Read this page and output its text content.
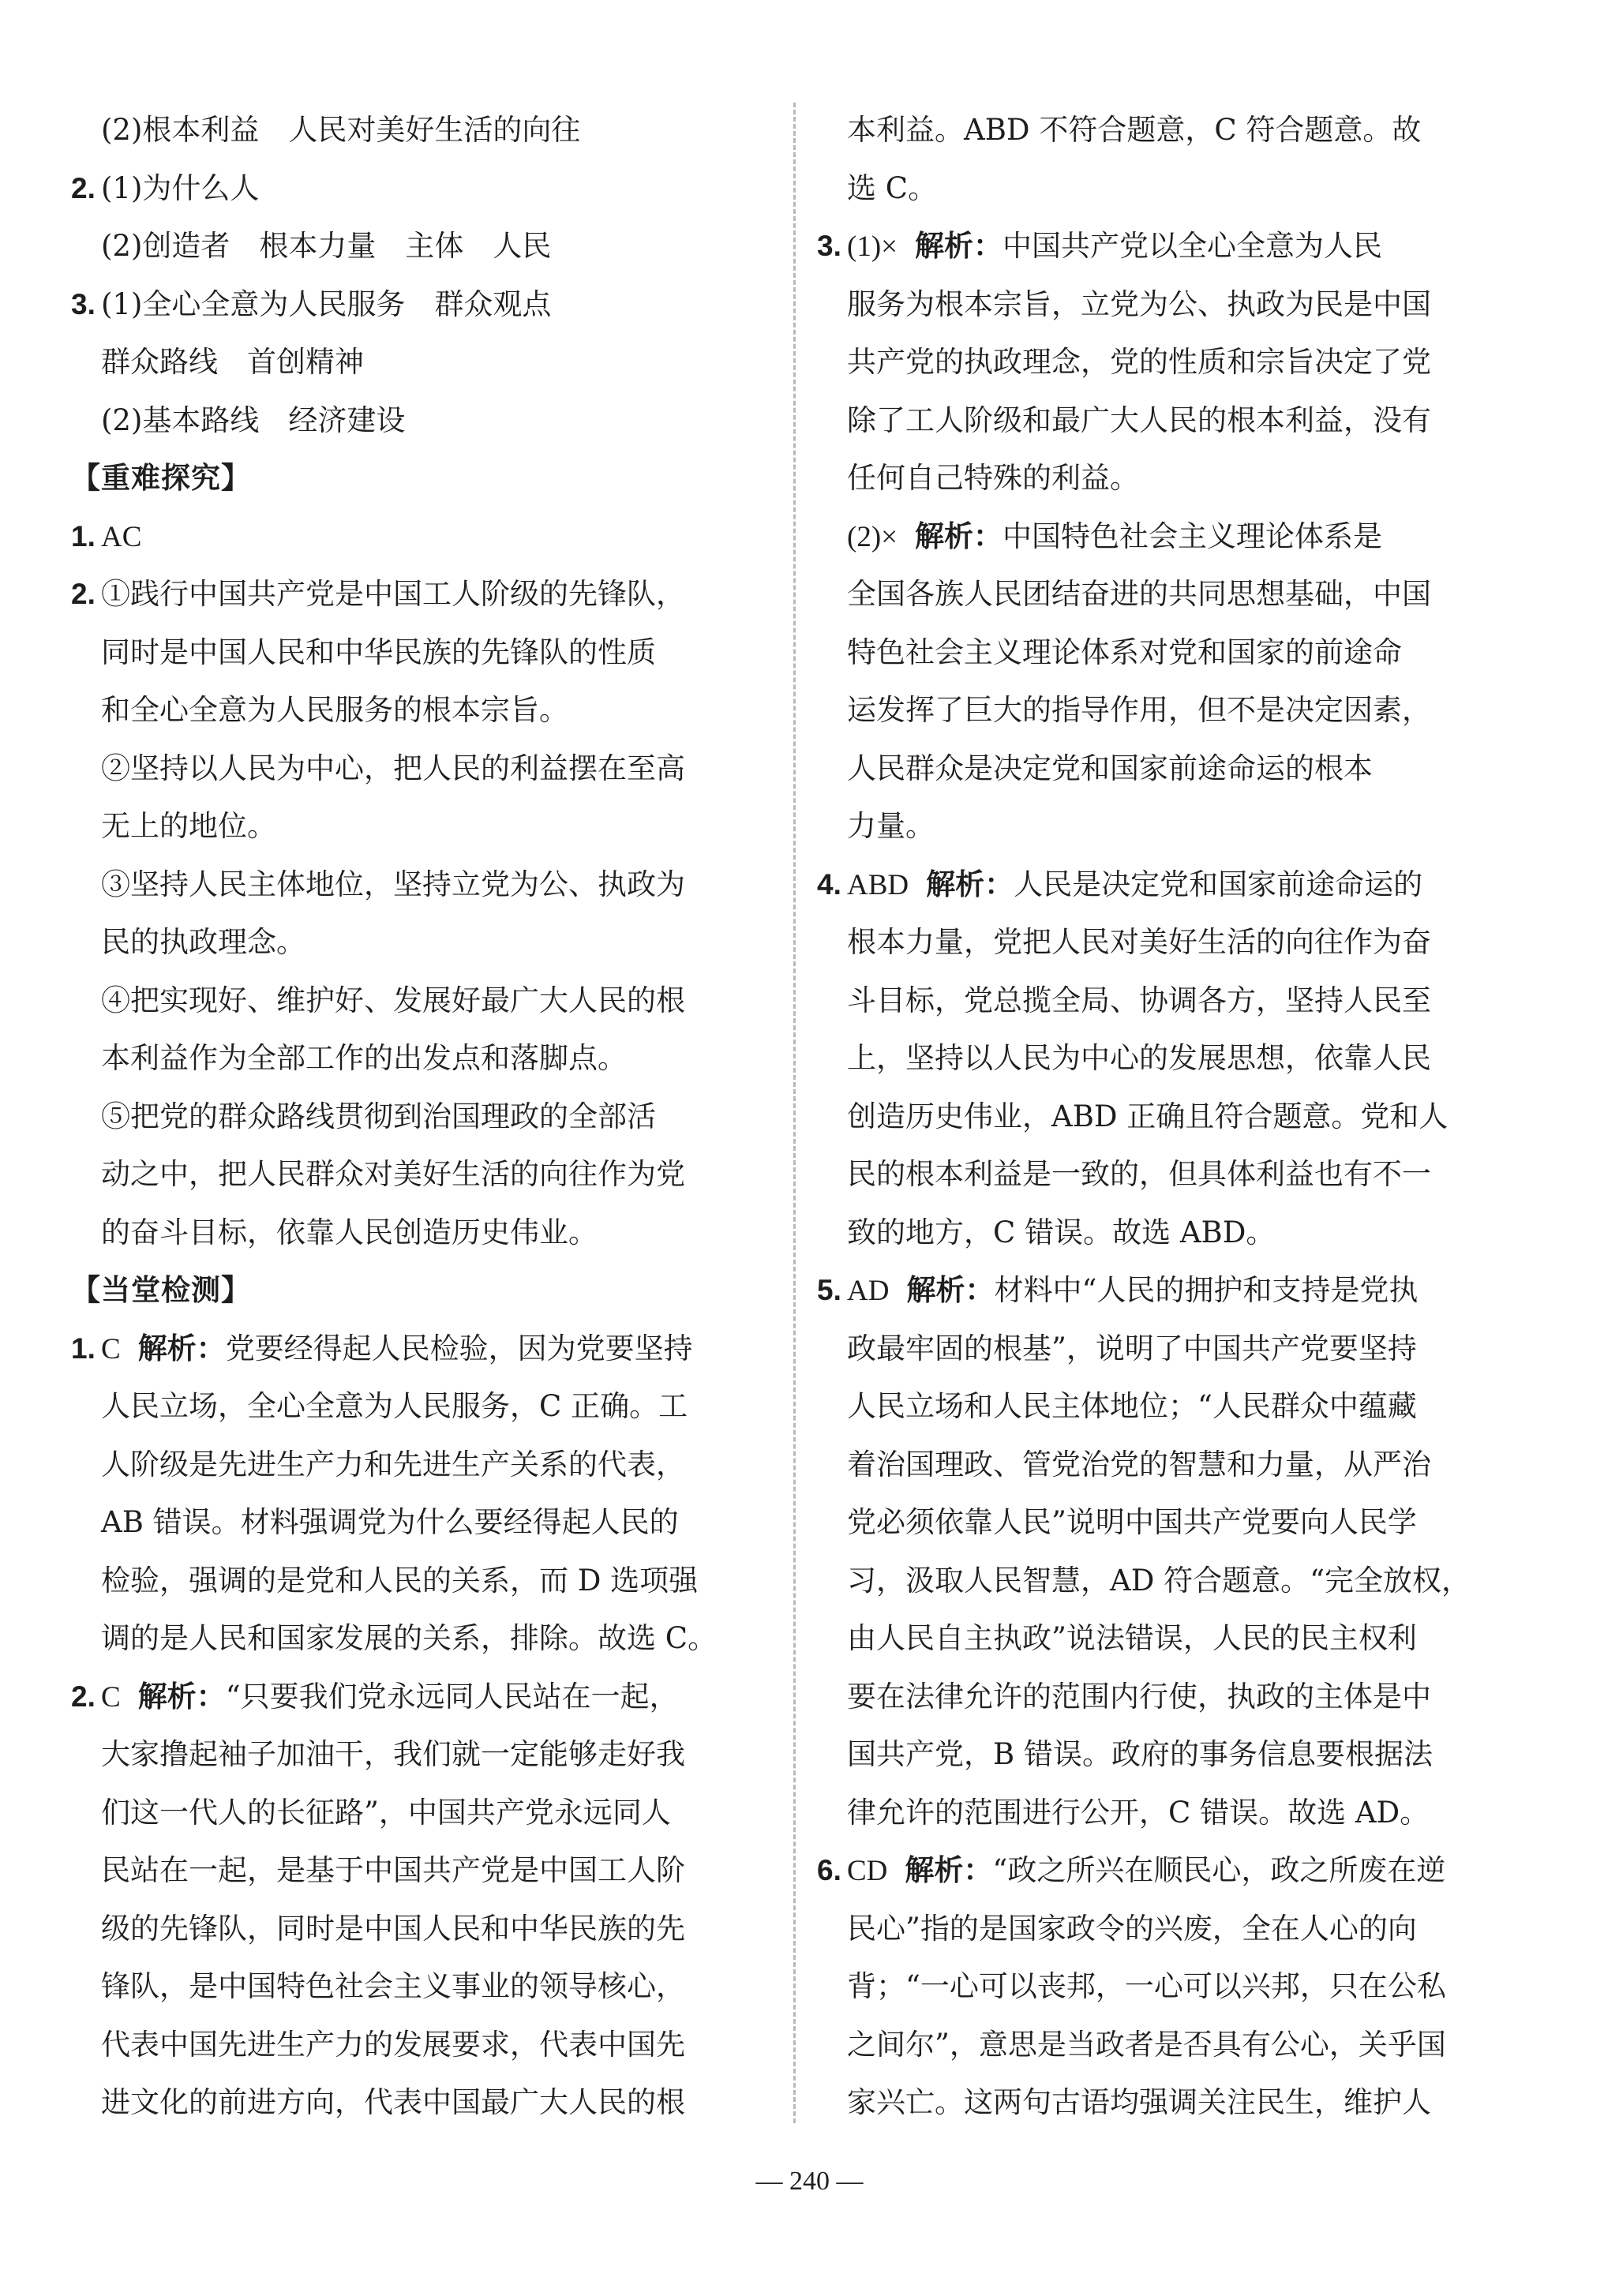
(2)根本利益　人民对美好生活的向往
2. (1)为什么人
(2)创造者　根本力量　主体　人民
3. (1)全心全意为人民服务　群众观点
群众路线　首创精神
(2)基本路线　经济建设
【重难探究】
1. AC
2. ①践行中国共产党是中国工人阶级的先锋队，
同时是中国人民和中华民族的先锋队的性质
和全心全意为人民服务的根本宗旨。
②坚持以人民为中心，把人民的利益摆在至高
无上的地位。
③坚持人民主体地位，坚持立党为公、执政为
民的执政理念。
④把实现好、维护好、发展好最广大人民的根
本利益作为全部工作的出发点和落脚点。
⑤把党的群众路线贯彻到治国理政的全部活
动之中，把人民群众对美好生活的向往作为党
的奋斗目标，依靠人民创造历史伟业。
【当堂检测】
1. C 解析：党要经得起人民检验，因为党要坚持
人民立场，全心全意为人民服务，C 正确。工
人阶级是先进生产力和先进生产关系的代表，
AB 错误。材料强调党为什么要经得起人民的
检验，强调的是党和人民的关系，而 D 选项强
调的是人民和国家发展的关系，排除。故选 C。
2. C 解析：“只要我们党永远同人民站在一起，
大家撸起袖子加油干，我们就一定能够走好我
们这一代人的长征路”，中国共产党永远同人
民站在一起，是基于中国共产党是中国工人阶
级的先锋队，同时是中国人民和中华民族的先
锋队，是中国特色社会主义事业的领导核心，
代表中国先进生产力的发展要求，代表中国先
进文化的前进方向，代表中国最广大人民的根
本利益。ABD 不符合题意，C 符合题意。故
选 C。
3. (1)× 解析：中国共产党以全心全意为人民
服务为根本宗旨，立党为公、执政为民是中国
共产党的执政理念，党的性质和宗旨决定了党
除了工人阶级和最广大人民的根本利益，没有
任何自己特殊的利益。
(2)× 解析：中国特色社会主义理论体系是
全国各族人民团结奋进的共同思想基础，中国
特色社会主义理论体系对党和国家的前途命
运发挥了巨大的指导作用，但不是决定因素，
人民群众是决定党和国家前途命运的根本
力量。
4. ABD 解析：人民是决定党和国家前途命运的
根本力量，党把人民对美好生活的向往作为奋
斗目标，党总揽全局、协调各方，坚持人民至
上，坚持以人民为中心的发展思想，依靠人民
创造历史伟业，ABD 正确且符合题意。党和人
民的根本利益是一致的，但具体利益也有不一
致的地方，C 错误。故选 ABD。
5. AD 解析：材料中“人民的拥护和支持是党执
政最牢固的根基”，说明了中国共产党要坚持
人民立场和人民主体地位；“人民群众中蕴藏
着治国理政、管党治党的智慧和力量，从严治
党必须依靠人民”说明中国共产党要向人民学
习，汲取人民智慧，AD 符合题意。“完全放权，
由人民自主执政”说法错误，人民的民主权利
要在法律允许的范围内行使，执政的主体是中
国共产党，B 错误。政府的事务信息要根据法
律允许的范围进行公开，C 错误。故选 AD。
6. CD 解析：“政之所兴在顺民心，政之所废在逆
民心”指的是国家政令的兴废，全在人心的向
背；“一心可以丧邦，一心可以兴邦，只在公私
之间尔”，意思是当政者是否具有公心，关乎国
家兴亡。这两句古语均强调关注民生，维护人
— 240 —
